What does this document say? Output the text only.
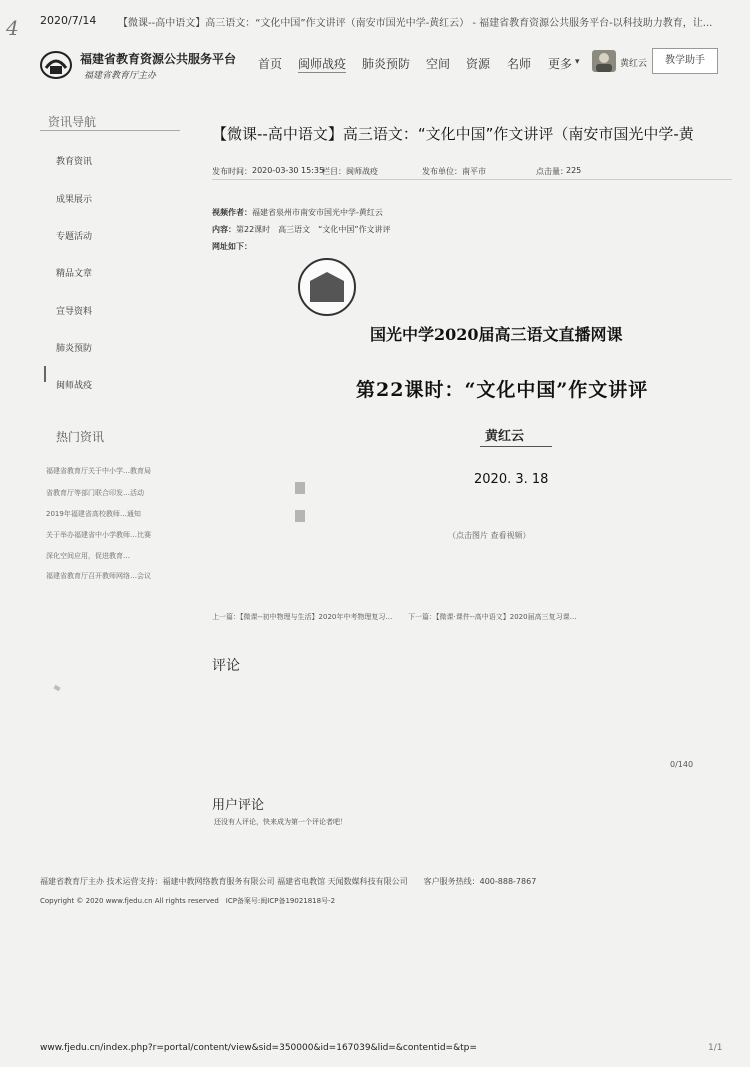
4 2020/7/14 【微课--高中语文】高三语文：“文化中国”作文讲评（南安市国光中学-黄红云） - 福建省教育资源公共服务平台-以科技助力教育，让...
福建省教育资源公共服务平台
福建省教育厅主办
首页 闽师战疫 肺炎预防 空间 资源 名师 更多 ▾	黄红云	教学助手
资讯导航
教育资讯
成果展示
专题活动
精品文章
宣导资料
肺炎预防
闽师战疫
热门资讯
福建省教育厅关于中小学…教育局
省教育厅等部门联合印发…活动
2019年福建省高校教师…通知
关于举办福建省中小学教师…比赛
深化空间应用，促进教育…
福建省教育厅召开教师网络…会议
【微课--高中语文】高三语文：“文化中国”作文讲评（南安市国光中学-黄
发布时间： 2020-03-30 15:35
栏目： 闽师战疫	发布单位： 南平市	点击量：
225
视频作者：福建省泉州市南安市国光中学-黄红云
内容：第22课时　高三语文　“文化中国”作文讲评
网址如下：
国光中学2020届高三语文直播网课
第22课时：“文化中国”作文讲评
黄红云
2020. 3. 18
（点击图片 查看视频）
上一篇：【微课--初中物理与生活】2020年中考物理复习… 下一篇：【微课·课件--高中语文】2020届高三复习课…
评论
0/140
用户评论
还没有人评论，快来成为第一个评论者吧！
福建省教育厅主办 技术运营支持：福建中教网络教育服务有限公司 福建省电教馆 天闻数媒科技有限公司　　客户服务热线：400-888-7867
Copyright © 2020 www.fjedu.cn All rights reserved　ICP备案号:闽ICP备19021818号-2
www.fjedu.cn/index.php?r=portal/content/view&sid=350000&id=167039&lid=&contentid=&tp=	1/1
